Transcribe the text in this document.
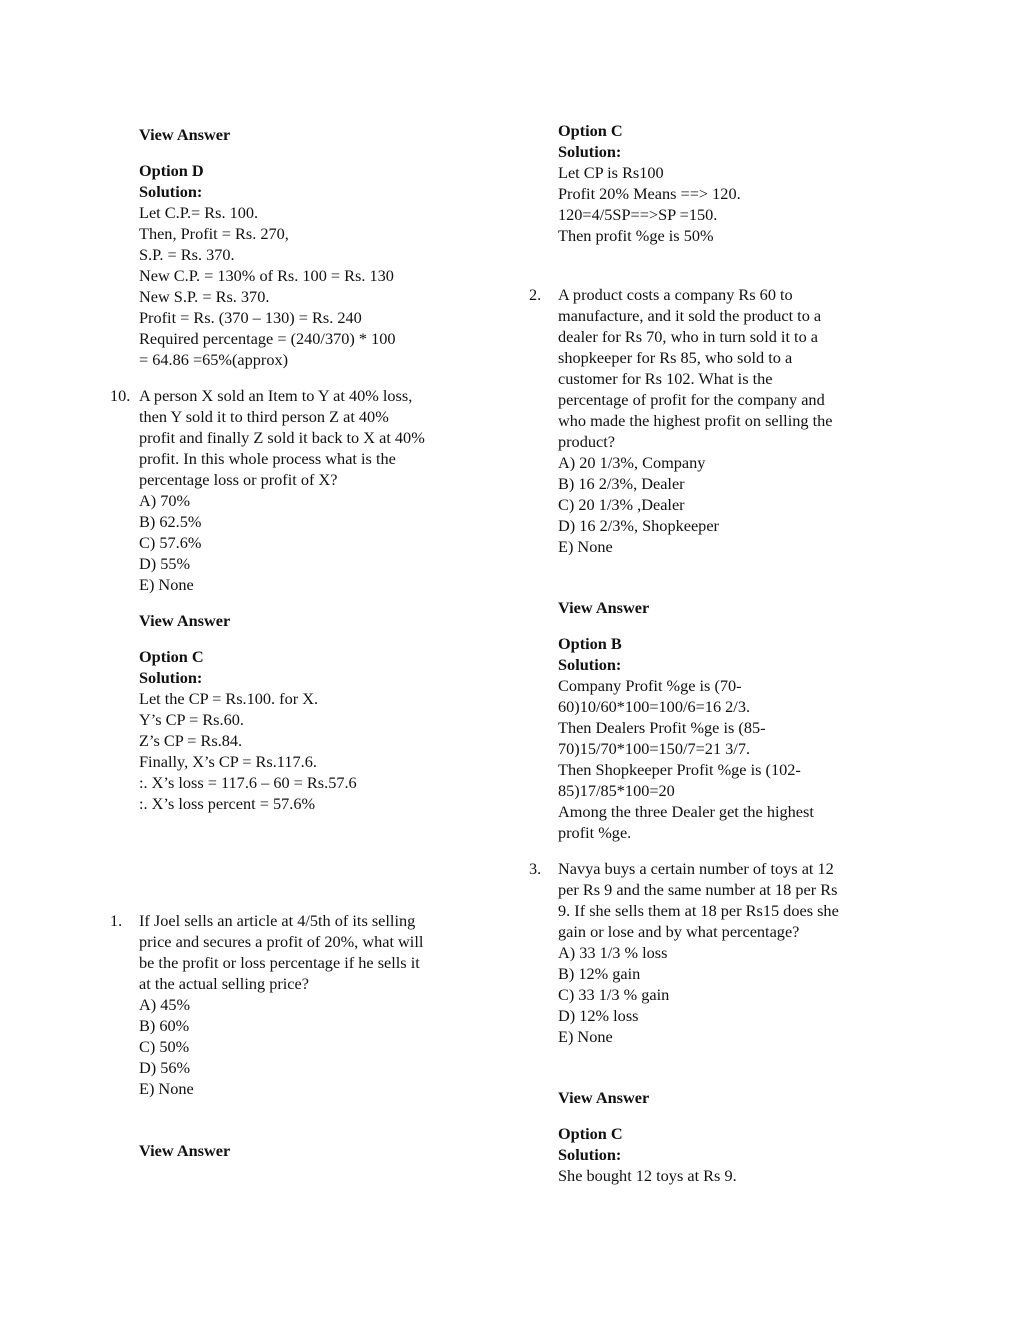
View Answer
Option D
Solution:
Let C.P.= Rs. 100.
Then, Profit = Rs. 270,
S.P. = Rs. 370.
New C.P. = 130% of Rs. 100 = Rs. 130
New S.P. = Rs. 370.
Profit = Rs. (370 – 130) = Rs. 240
Required percentage = (240/370) * 100
= 64.86 =65%(approx)
10. A person X sold an Item to Y at 40% loss,
then Y sold it to third person Z at 40%
profit and finally Z sold it back to X at 40%
profit. In this whole process what is the
percentage loss or profit of X?
A) 70%
B) 62.5%
C) 57.6%
D) 55%
E) None
View Answer
Option C
Solution:
Let the CP = Rs.100. for X.
Y’s CP = Rs.60.
Z’s CP = Rs.84.
Finally, X’s CP = Rs.117.6.
:. X’s loss = 117.6 – 60 = Rs.57.6
:. X’s loss percent = 57.6%
1. If Joel sells an article at 4/5th of its selling
price and secures a profit of 20%, what will
be the profit or loss percentage if he sells it
at the actual selling price?
A) 45%
B) 60%
C) 50%
D) 56%
E) None
View Answer
Option C
Solution:
Let CP is Rs100
Profit 20% Means ==> 120.
120=4/5SP==>SP =150.
Then profit %ge is 50%
2. A product costs a company Rs 60 to
manufacture, and it sold the product to a
dealer for Rs 70, who in turn sold it to a
shopkeeper for Rs 85, who sold to a
customer for Rs 102. What is the
percentage of profit for the company and
who made the highest profit on selling the
product?
A) 20 1/3%, Company
B) 16 2/3%, Dealer
C) 20 1/3% ,Dealer
D) 16 2/3%, Shopkeeper
E) None
View Answer
Option B
Solution:
Company Profit %ge is (70-
60)10/60*100=100/6=16 2/3.
Then Dealers Profit %ge is (85-
70)15/70*100=150/7=21 3/7.
Then Shopkeeper Profit %ge is (102-
85)17/85*100=20
Among the three Dealer get the highest
profit %ge.
3. Navya buys a certain number of toys at 12
per Rs 9 and the same number at 18 per Rs
9. If she sells them at 18 per Rs15 does she
gain or lose and by what percentage?
A) 33 1/3 % loss
B) 12% gain
C) 33 1/3 % gain
D) 12% loss
E) None
View Answer
Option C
Solution:
She bought 12 toys at Rs 9.
